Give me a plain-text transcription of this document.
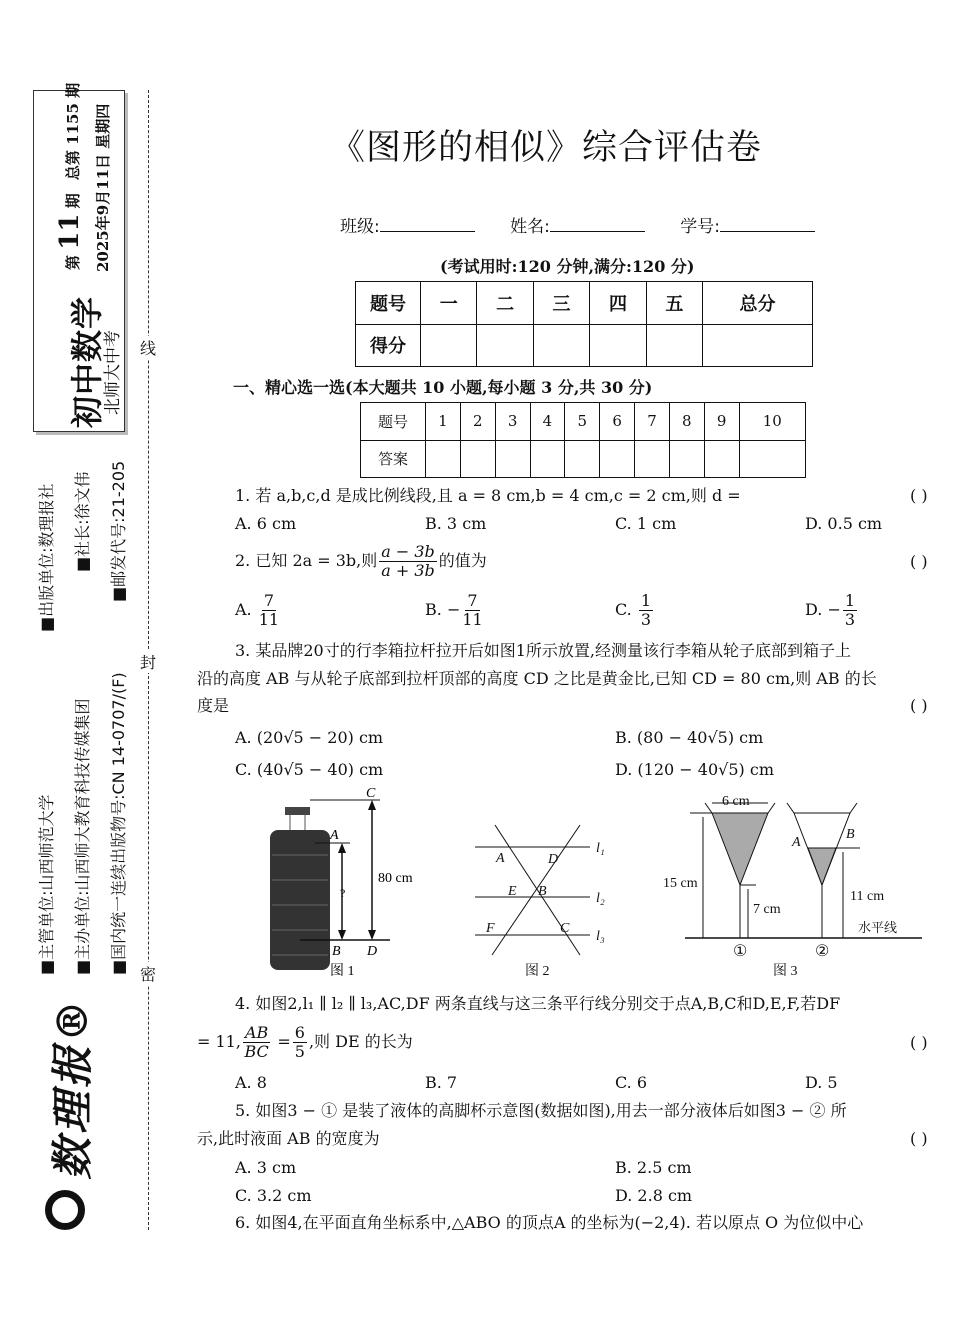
初中数学
北师大中考
第 11 期 总第 1155 期 2025年9月11日 星期四
■主管单位:山西师范大学
■出版单位:数理报社
■主办单位:山西师大教育科技传媒集团
■社长:徐文伟
■国内统一连续出版物号:CN 14-0707/(F)
■邮发代号:21-205
数理报®
线
封
密
《图形的相似》综合评估卷
班级:	姓名:	学号:
(考试用时:120 分钟,满分:120 分)
题号	一	二	三	四	五	总分
得分						
一、精心选一选(本大题共 10 小题,每小题 3 分,共 30 分)
题号	1	2	3	4	5	6	7	8	9	10
答案										
1. 若 a,b,c,d 是成比例线段,且 a = 8 cm,b = 4 cm,c = 2 cm,则 d =	( )
A. 6 cm	B. 3 cm	C. 1 cm	D. 0.5 cm
2. 已知 2a = 3b,则 $\frac{a - 3b}{a + 3b}$ 的值为	( )
A. $\frac{7}{11}$	B. − $\frac{7}{11}$	C. $\frac{1}{3}$	D. − $\frac{1}{3}$
3. 某品牌20寸的行李箱拉杆拉开后如图1所示放置,经测量该行李箱从轮子底部到箱子上
沿的高度 AB 与从轮子底部到拉杆顶部的高度 CD 之比是黄金比,已知 CD = 80 cm,则 AB 的长
度是	( )
A. (20√5 − 20) cm	B. (80 − 40√5) cm
C. (40√5 − 40) cm	D. (120 − 40√5) cm
C
A
?
80 cm
B D
图 1
A	D
E B
F	C
l₁
l₂
l₃
图 2
6 cm
15 cm
7 cm
A
B
11 cm
水平线
①	②
图 3
4. 如图2,l₁ ∥ l₂ ∥ l₃,AC,DF 两条直线与这三条平行线分别交于点A,B,C和D,E,F,若DF
= 11, $\frac{AB}{BC} = \frac{6}{5}$ ,则 DE 的长为	( )
A. 8	B. 7	C. 6	D. 5
5. 如图3 − ① 是装了液体的高脚杯示意图(数据如图),用去一部分液体后如图3 − ② 所
示,此时液面 AB 的宽度为	( )
A. 3 cm	B. 2.5 cm
C. 3.2 cm	D. 2.8 cm
6. 如图4,在平面直角坐标系中,△ABO 的顶点A 的坐标为(−2,4). 若以原点 O 为位似中心
